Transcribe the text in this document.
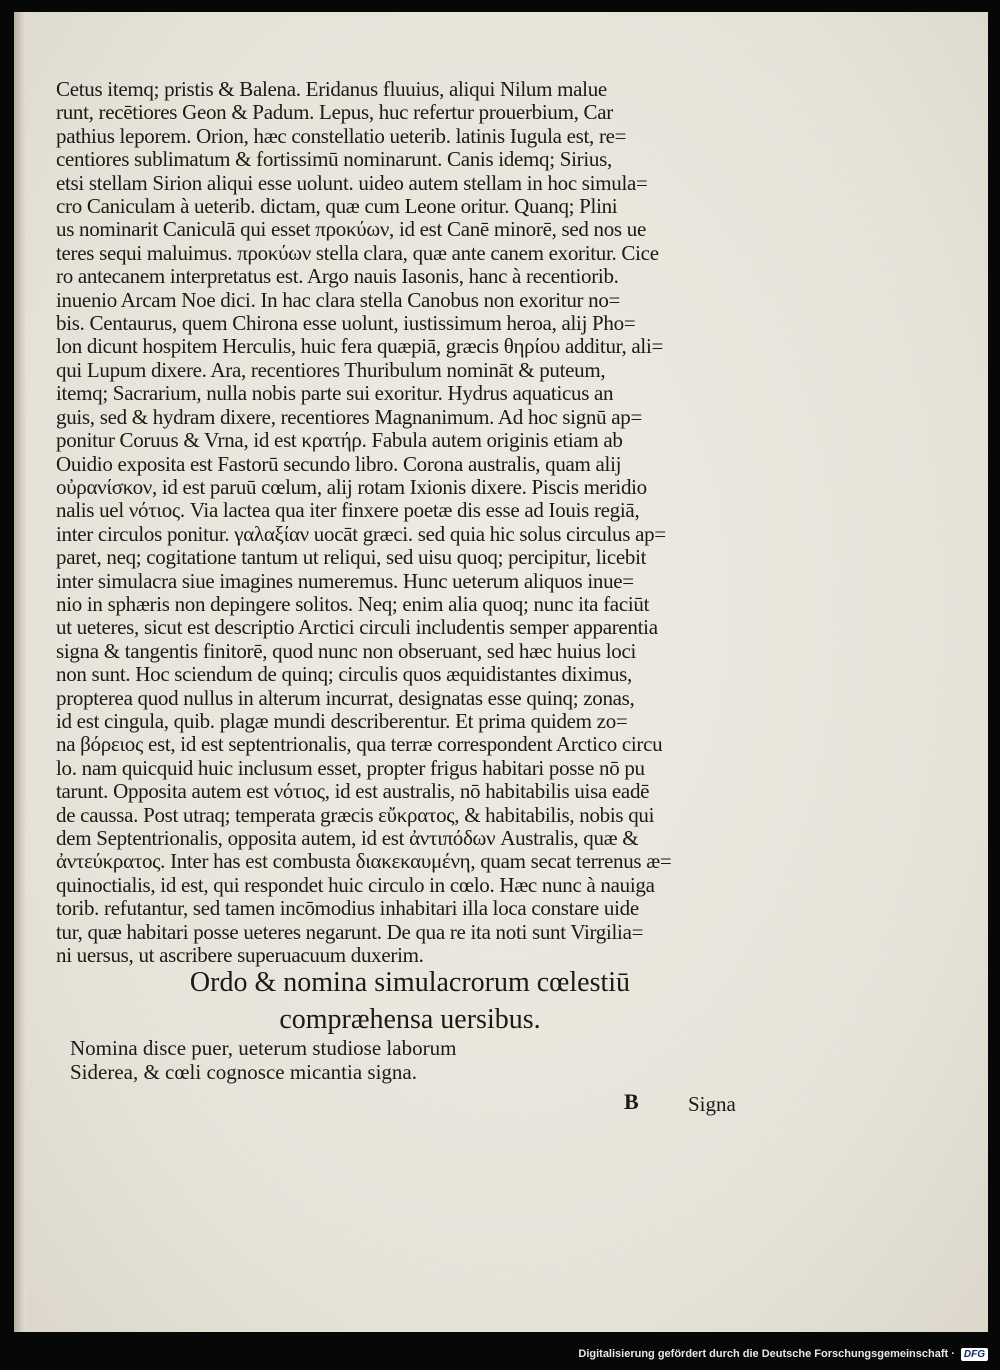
Cetus itemq; pristis & Balena. Eridanus fluuius, aliqui Nilum malue
runt, recētiores Geon & Padum. Lepus, huc refertur prouerbium, Car
pathius leporem. Orion, hæc constellatio ueterib. latinis Iugula est, re=
centiores sublimatum & fortissimū nominarunt. Canis idemq; Sirius,
etsi stellam Sirion aliqui esse uolunt. uideo autem stellam in hoc simula=
cro Caniculam à ueterib. dictam, quæ cum Leone oritur. Quanq; Plini
us nominarit Caniculā qui esset προκύων, id est Canē minorē, sed nos ue
teres sequi maluimus. προκύων stella clara, quæ ante canem exoritur. Cice
ro antecanem interpretatus est. Argo nauis Iasonis, hanc à recentiorib.
inuenio Arcam Noe dici. In hac clara stella Canobus non exoritur no=
bis. Centaurus, quem Chirona esse uolunt, iustissimum heroa, alij Pho=
lon dicunt hospitem Herculis, huic fera quæpiā, græcis θηρίου additur, ali=
qui Lupum dixere. Ara, recentiores Thuribulum nomināt & puteum,
itemq; Sacrarium, nulla nobis parte sui exoritur. Hydrus aquaticus an
guis, sed & hydram dixere, recentiores Magnanimum. Ad hoc signū ap=
ponitur Coruus & Vrna, id est κρατήρ. Fabula autem originis etiam ab
Ouidio exposita est Fastorū secundo libro. Corona australis, quam alij
οὐρανίσκον, id est paruū cœlum, alij rotam Ixionis dixere. Piscis meridio
nalis uel νότιος. Via lactea qua iter finxere poetæ dis esse ad Iouis regiā,
inter circulos ponitur. γαλαξίαν uocāt græci. sed quia hic solus circulus ap=
paret, neq; cogitatione tantum ut reliqui, sed uisu quoq; percipitur, licebit
inter simulacra siue imagines numeremus. Hunc ueterum aliquos inue=
nio in sphæris non depingere solitos. Neq; enim alia quoq; nunc ita faciūt
ut ueteres, sicut est descriptio Arctici circuli includentis semper apparentia
signa & tangentis finitorē, quod nunc non obseruant, sed hæc huius loci
non sunt. Hoc sciendum de quinq; circulis quos æquidistantes diximus,
propterea quod nullus in alterum incurrat, designatas esse quinq; zonas,
id est cingula, quib. plagæ mundi describerentur. Et prima quidem zo=
na βόρειος est, id est septentrionalis, qua terræ correspondent Arctico circu
lo. nam quicquid huic inclusum esset, propter frigus habitari posse nō pu
tarunt. Opposita autem est νότιος, id est australis, nō habitabilis uisa eadē
de caussa. Post utraq; temperata græcis εὔκρατος, & habitabilis, nobis qui
dem Septentrionalis, opposita autem, id est ἀντιπόδων Australis, quæ &
ἀντεύκρατος. Inter has est combusta διακεκαυμένη, quam secat terrenus æ=
quinoctialis, id est, qui respondet huic circulo in cœlo. Hæc nunc à nauiga
torib. refutantur, sed tamen incōmodius inhabitari illa loca constare uide
tur, quæ habitari posse ueteres negarunt. De qua re ita noti sunt Virgilia=
ni uersus, ut ascribere superuacuum duxerim.
Ordo & nomina simulacrorum cœlestiū
compræhensa uersibus.
Nomina disce puer, ueterum studiose laborum
Siderea, & cœli cognosce micantia signa.
B Signa
Digitalisierung gefördert durch die Deutsche Forschungsgemeinschaft · DFG
